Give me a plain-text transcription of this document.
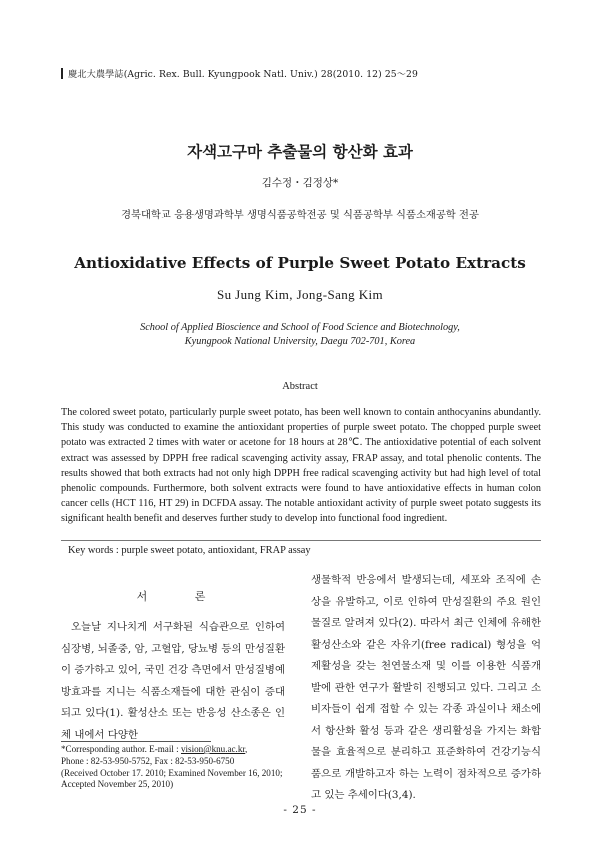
慶北大農學誌(Agric. Rex. Bull. Kyungpook Natl. Univ.) 28(2010. 12) 25～29
자색고구마 추출물의 항산화 효과
김수정・김정상*
경북대학교 응용생명과학부 생명식품공학전공 및 식품공학부 식품소재공학 전공
Antioxidative Effects of Purple Sweet Potato Extracts
Su Jung Kim, Jong-Sang Kim
School of Applied Bioscience and School of Food Science and Biotechnology,
Kyungpook National University, Daegu 702-701, Korea
Abstract
The colored sweet potato, particularly purple sweet potato, has been well known to contain anthocyanins abundantly. This study was conducted to examine the antioxidant properties of purple sweet potato. The chopped purple sweet potato was extracted 2 times with water or acetone for 18 hours at 28℃. The antioxidative potential of each solvent extract was assessed by DPPH free radical scavenging activity assay, FRAP assay, and total phenolic contents. The results showed that both extracts had not only high DPPH free radical scavenging activity but had high level of total phenolic compounds. Furthermore, both solvent extracts were found to have antioxidative effects in human colon cancer cells (HCT 116, HT 29) in DCFDA assay. The notable antioxidant activity of purple sweet potato suggests its significant health benefit and deserves further study to develop into functional food ingredient.
Key words : purple sweet potato, antioxidant, FRAP assay
서 론

오늘날 지나치게 서구화된 식습관으로 인하여 심장병, 뇌졸중, 암, 고혈압, 당뇨병 등의 만성질환이 증가하고 있어, 국민 건강 측면에서 만성질병예방효과를 지니는 식품소재들에 대한 관심이 증대되고 있다(1). 활성산소 또는 반응성 산소종은 인체 내에서 다양한

생물학적 반응에서 발생되는데, 세포와 조직에 손상을 유발하고, 이로 인하여 만성질환의 주요 원인물질로 알려져 있다(2). 따라서 최근 인체에 유해한 활성산소와 같은 자유기(free radical) 형성을 억제활성을 갖는 천연물소재 및 이를 이용한 식품개발에 관한 연구가 활발히 진행되고 있다. 그리고 소비자들이 쉽게 접할 수 있는 각종 과실이나 채소에서 항산화 활성 등과 같은 생리활성을 가지는 화합물을 효율적으로 분리하고 표준화하여 건강기능식품으로 개발하고자 하는 노력이 점차적으로 증가하고 있는 추세이다(3,4).

*Corresponding author. E-mail : vision@knu.ac.kr,
Phone : 82-53-950-5752, Fax : 82-53-950-6750
(Received October 17. 2010; Examined November 16, 2010;
Accepted November 25, 2010)
- 25 -
